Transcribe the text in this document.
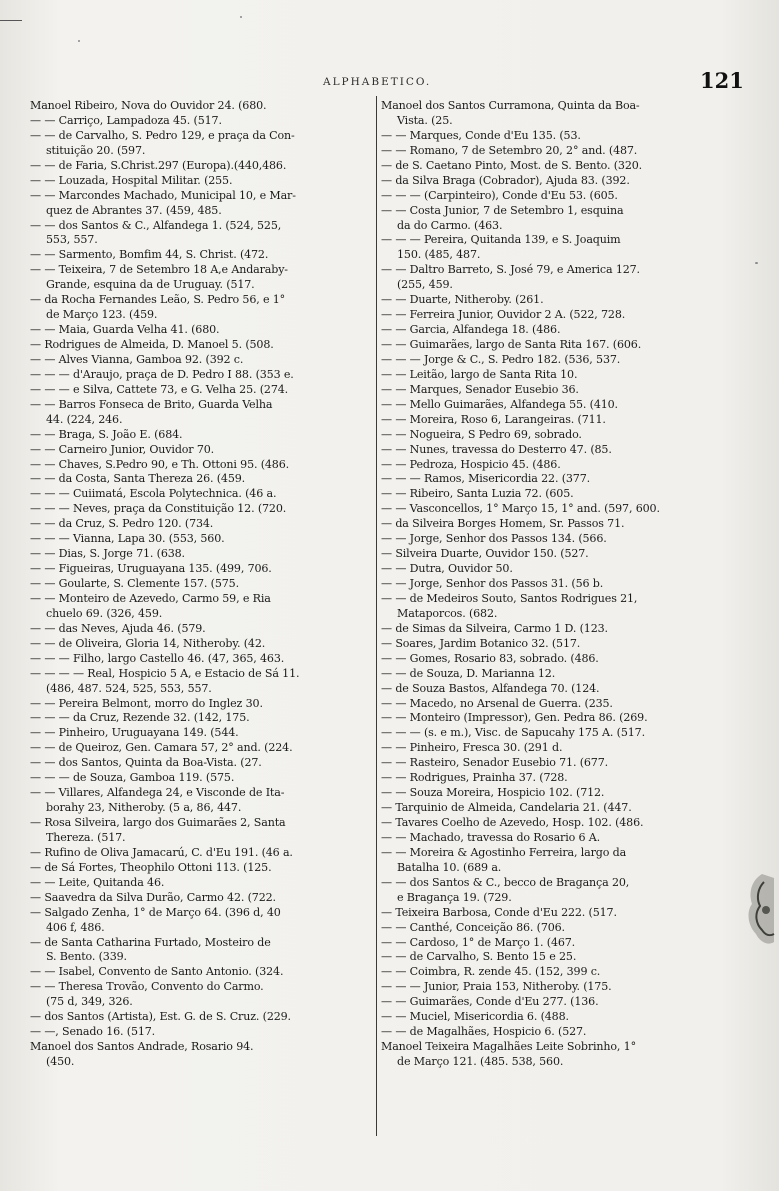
ALPHABETICO.	121
Manoel Ribeiro, Nova do Ouvidor 24. (680.
— — Carriço, Lampadoza 45. (517.
— — de Carvalho, S. Pedro 129, e praça da Con-
stituição 20. (597.
— — de Faria, S.Christ.297 (Europa).(440,486.
— — Louzada, Hospital Militar. (255.
— — Marcondes Machado, Municipal 10, e Mar-
quez de Abrantes 37. (459, 485.
— — dos Santos & C., Alfandega 1. (524, 525,
553, 557.
— — Sarmento, Bomfim 44, S. Christ. (472.
— — Teixeira, 7 de Setembro 18 A,e Andaraby-
Grande, esquina da de Uruguay. (517.
— da Rocha Fernandes Leão, S. Pedro 56, e 1°
de Março 123. (459.
— — Maia, Guarda Velha 41. (680.
— Rodrigues de Almeida, D. Manoel 5. (508.
— — Alves Vianna, Gamboa 92. (392 c.
— — — d'Araujo, praça de D. Pedro I 88. (353 e.
— — — e Silva, Cattete 73, e G. Velha 25. (274.
— — Barros Fonseca de Brito, Guarda Velha
44. (224, 246.
— — Braga, S. João E. (684.
— — Carneiro Junior, Ouvidor 70.
— — Chaves, S.Pedro 90, e Th. Ottoni 95. (486.
— — da Costa, Santa Thereza 26. (459.
— — — Cuiimatá, Escola Polytechnica. (46 a.
— — — Neves, praça da Constituição 12. (720.
— — da Cruz, S. Pedro 120. (734.
— — — Vianna, Lapa 30. (553, 560.
— — Dias, S. Jorge 71. (638.
— — Figueiras, Uruguayana 135. (499, 706.
— — Goularte, S. Clemente 157. (575.
— — Monteiro de Azevedo, Carmo 59, e Ria
chuelo 69. (326, 459.
— — das Neves, Ajuda 46. (579.
— — de Oliveira, Gloria 14, Nitheroby. (42.
— — — Filho, largo Castello 46. (47, 365, 463.
— — — — Real, Hospicio 5 A, e Estacio de Sá 11.
(486, 487. 524, 525, 553, 557.
— — Pereira Belmont, morro do Inglez 30.
— — — da Cruz, Rezende 32. (142, 175.
— — Pinheiro, Uruguayana 149. (544.
— — de Queiroz, Gen. Camara 57, 2° and. (224.
— — dos Santos, Quinta da Boa-Vista. (27.
— — — de Souza, Gamboa 119. (575.
— — Villares, Alfandega 24, e Visconde de Ita-
borahy 23, Nitheroby. (5 a, 86, 447.
— Rosa Silveira, largo dos Guimarães 2, Santa
Thereza. (517.
— Rufino de Oliva Jamacarú, C. d'Eu 191. (46 a.
— de Sá Fortes, Theophilo Ottoni 113. (125.
— — Leite, Quitanda 46.
— Saavedra da Silva Durão, Carmo 42. (722.
— Salgado Zenha, 1° de Março 64. (396 d, 40
406 f, 486.
— de Santa Catharina Furtado, Mosteiro de
S. Bento. (339.
— — Isabel, Convento de Santo Antonio. (324.
— — Theresa Trovão, Convento do Carmo.
(75 d, 349, 326.
— dos Santos (Artista), Est. G. de S. Cruz. (229.
— —, Senado 16. (517.
Manoel dos Santos Andrade, Rosario 94.
(450.
Manoel dos Santos Curramona, Quinta da Boa-
Vista. (25.
— — Marques, Conde d'Eu 135. (53.
— — Romano, 7 de Setembro 20, 2° and. (487.
— de S. Caetano Pinto, Most. de S. Bento. (320.
— da Silva Braga (Cobrador), Ajuda 83. (392.
— — — (Carpinteiro), Conde d'Eu 53. (605.
— — Costa Junior, 7 de Setembro 1, esquina
da do Carmo. (463.
— — — Pereira, Quitanda 139, e S. Joaquim
150. (485, 487.
— — Daltro Barreto, S. José 79, e America 127.
(255, 459.
— — Duarte, Nitheroby. (261.
— — Ferreira Junior, Ouvidor 2 A. (522, 728.
— — Garcia, Alfandega 18. (486.
— — Guimarães, largo de Santa Rita 167. (606.
— — — Jorge & C., S. Pedro 182. (536, 537.
— — Leitão, largo de Santa Rita 10.
— — Marques, Senador Eusebio 36.
— — Mello Guimarães, Alfandega 55. (410.
— — Moreira, Roso 6, Larangeiras. (711.
— — Nogueira, S Pedro 69, sobrado.
— — Nunes, travessa do Desterro 47. (85.
— — Pedroza, Hospicio 45. (486.
— — — Ramos, Misericordia 22. (377.
— — Ribeiro, Santa Luzia 72. (605.
— — Vasconcellos, 1° Março 15, 1° and. (597, 600.
— da Silveira Borges Homem, Sr. Passos 71.
— — Jorge, Senhor dos Passos 134. (566.
— Silveira Duarte, Ouvidor 150. (527.
— — Dutra, Ouvidor 50.
— — Jorge, Senhor dos Passos 31. (56 b.
— — de Medeiros Souto, Santos Rodrigues 21,
Mataporcos. (682.
— de Simas da Silveira, Carmo 1 D. (123.
— Soares, Jardim Botanico 32. (517.
— — Gomes, Rosario 83, sobrado. (486.
— — de Souza, D. Marianna 12.
— de Souza Bastos, Alfandega 70. (124.
— — Macedo, no Arsenal de Guerra. (235.
— — Monteiro (Impressor), Gen. Pedra 86. (269.
— — — (s. e m.), Visc. de Sapucahy 175 A. (517.
— — Pinheiro, Fresca 30. (291 d.
— — Rasteiro, Senador Eusebio 71. (677.
— — Rodrigues, Prainha 37. (728.
— — Souza Moreira, Hospicio 102. (712.
— Tarquinio de Almeida, Candelaria 21. (447.
— Tavares Coelho de Azevedo, Hosp. 102. (486.
— — Machado, travessa do Rosario 6 A.
— — Moreira & Agostinho Ferreira, largo da
Batalha 10. (689 a.
— — dos Santos & C., becco de Bragança 20,
e Bragança 19. (729.
— Teixeira Barbosa, Conde d'Eu 222. (517.
— — Canthé, Conceição 86. (706.
— — Cardoso, 1° de Março 1. (467.
— — de Carvalho, S. Bento 15 e 25.
— — Coimbra, R. zende 45. (152, 399 c.
— — — Junior, Praia 153, Nitheroby. (175.
— — Guimarães, Conde d'Eu 277. (136.
— — Muciel, Misericordia 6. (488.
— — de Magalhães, Hospicio 6. (527.
Manoel Teixeira Magalhães Leite Sobrinho, 1°
de Março 121. (485. 538, 560.
